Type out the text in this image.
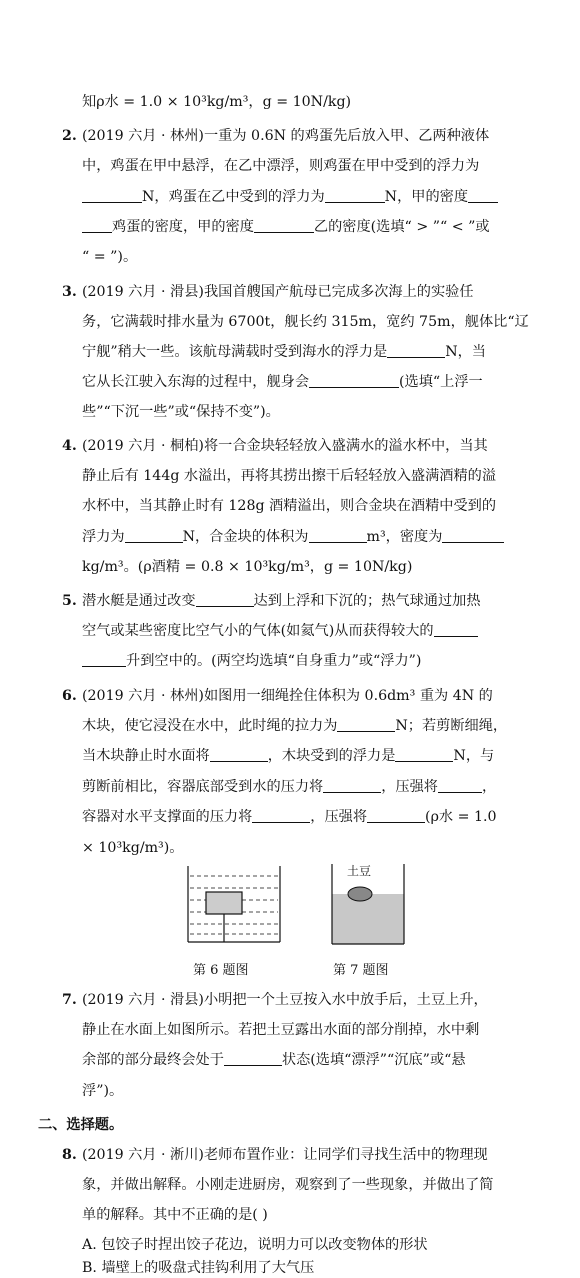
知ρ水 = 1.0 × 10³kg/m³，g = 10N/kg)
2. (2019 六月 · 林州)一重为 0.6N 的鸡蛋先后放入甲、乙两种液体
中，鸡蛋在甲中悬浮，在乙中漂浮，则鸡蛋在甲中受到的浮力为
N，鸡蛋在乙中受到的浮力为	N，甲的密度
鸡蛋的密度，甲的密度	乙的密度(选填“ > ”“ < ”或
“ = ”)。
3. (2019 六月 · 滑县)我国首艘国产航母已完成多次海上的实验任
务，它满载时排水量为 6700t，舰长约 315m，宽约 75m，舰体比“辽
宁舰”稍大一些。该航母满载时受到海水的浮力是	N，当
它从长江驶入东海的过程中，舰身会	(选填“上浮一
些”“下沉一些”或“保持不变”)。
4. (2019 六月 · 桐柏)将一合金块轻轻放入盛满水的溢水杯中，当其
静止后有 144g 水溢出，再将其捞出擦干后轻轻放入盛满酒精的溢
水杯中，当其静止时有 128g 酒精溢出，则合金块在酒精中受到的
浮力为	N，合金块的体积为	m³，密度为
kg/m³。(ρ酒精 = 0.8 × 10³kg/m³，g = 10N/kg)
5. 潜水艇是通过改变	达到上浮和下沉的；热气球通过加热
空气或某些密度比空气小的气体(如氦气)从而获得较大的
升到空中的。(两空均选填“自身重力”或“浮力”)
6. (2019 六月 · 林州)如图用一细绳拴住体积为 0.6dm³ 重为 4N 的
木块，使它浸没在水中，此时绳的拉力为	N；若剪断细绳，
当木块静止时水面将	，木块受到的浮力是	N，与
剪断前相比，容器底部受到水的压力将	，压强将	，
容器对水平支撑面的压力将	，压强将	(ρ水 = 1.0
× 10³kg/m³)。
第 6 题图
土豆
第 7 题图
7. (2019 六月 · 滑县)小明把一个土豆按入水中放手后，土豆上升，
静止在水面上如图所示。若把土豆露出水面的部分削掉，水中剩
余部的部分最终会处于	状态(选填“漂浮”“沉底”或“悬
浮”)。
二、选择题。
8. (2019 六月 · 淅川)老师布置作业：让同学们寻找生活中的物理现
象，并做出解释。小刚走进厨房，观察到了一些现象，并做出了简
单的解释。其中不正确的是( )
A. 包饺子时捏出饺子花边，说明力可以改变物体的形状
B. 墙壁上的吸盘式挂钩利用了大气压
